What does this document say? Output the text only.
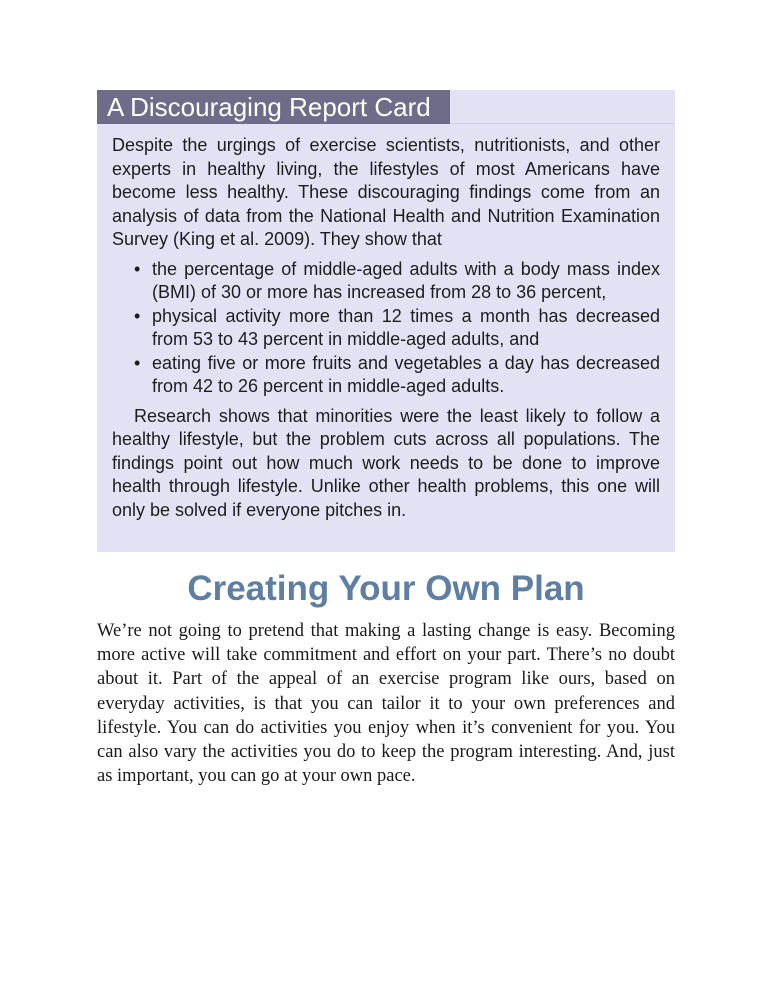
A Discouraging Report Card

Despite the urgings of exercise scientists, nutritionists, and other experts in healthy living, the lifestyles of most Americans have become less healthy. These discouraging findings come from an analysis of data from the National Health and Nutrition Examination Survey (King et al. 2009). They show that

• the percentage of middle-aged adults with a body mass index (BMI) of 30 or more has increased from 28 to 36 percent,
• physical activity more than 12 times a month has decreased from 53 to 43 percent in middle-aged adults, and
• eating five or more fruits and vegetables a day has decreased from 42 to 26 percent in middle-aged adults.

Research shows that minorities were the least likely to follow a healthy lifestyle, but the problem cuts across all populations. The findings point out how much work needs to be done to improve health through lifestyle. Unlike other health problems, this one will only be solved if everyone pitches in.

Creating Your Own Plan

We’re not going to pretend that making a lasting change is easy. Becoming more active will take commitment and effort on your part. There’s no doubt about it. Part of the appeal of an exercise program like ours, based on everyday activities, is that you can tailor it to your own preferences and lifestyle. You can do activities you enjoy when it’s convenient for you. You can also vary the activities you do to keep the program interesting. And, just as important, you can go at your own pace.
